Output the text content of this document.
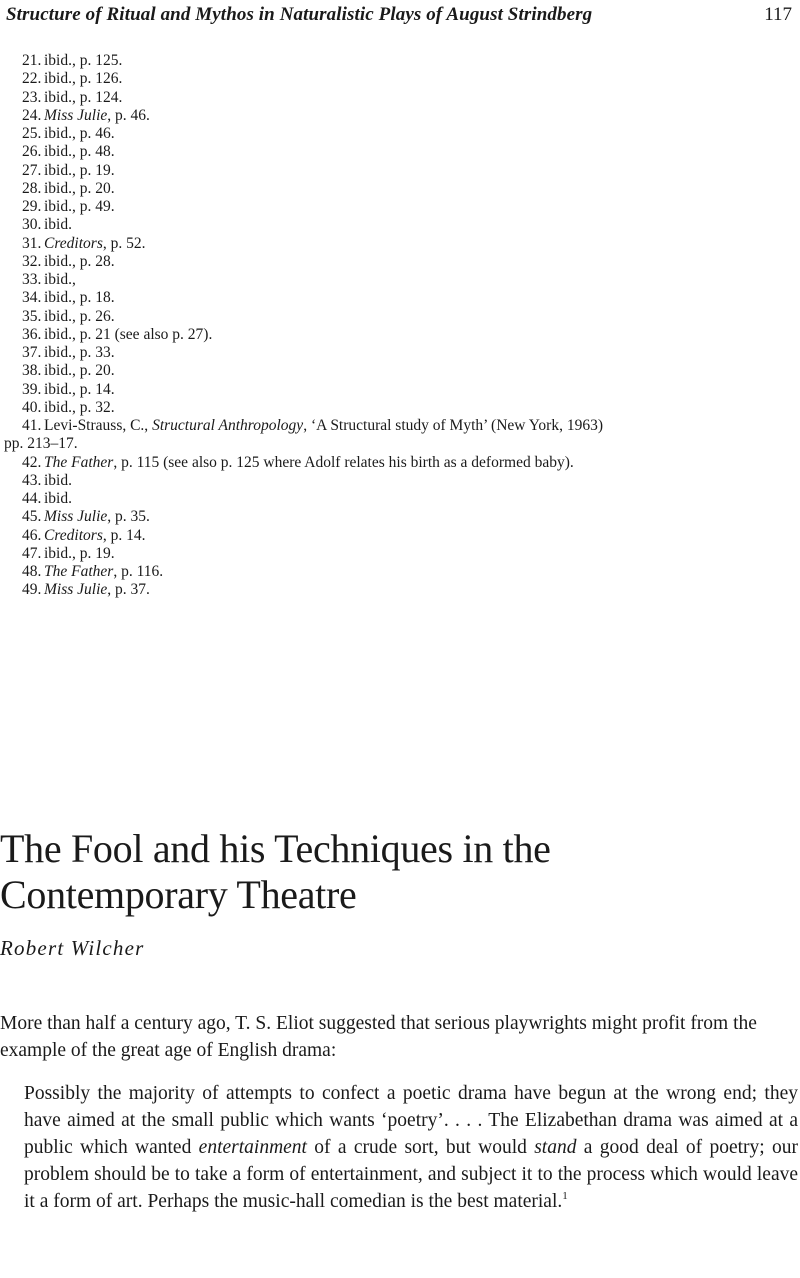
Structure of Ritual and Mythos in Naturalistic Plays of August Strindberg	117
21. ibid., p. 125.
22. ibid., p. 126.
23. ibid., p. 124.
24. Miss Julie, p. 46.
25. ibid., p. 46.
26. ibid., p. 48.
27. ibid., p. 19.
28. ibid., p. 20.
29. ibid., p. 49.
30. ibid.
31. Creditors, p. 52.
32. ibid., p. 28.
33. ibid.,
34. ibid., p. 18.
35. ibid., p. 26.
36. ibid., p. 21 (see also p. 27).
37. ibid., p. 33.
38. ibid., p. 20.
39. ibid., p. 14.
40. ibid., p. 32.
41. Levi-Strauss, C., Structural Anthropology, ‘A Structural study of Myth’ (New York, 1963)
pp. 213–17.
42. The Father, p. 115 (see also p. 125 where Adolf relates his birth as a deformed baby).
43. ibid.
44. ibid.
45. Miss Julie, p. 35.
46. Creditors, p. 14.
47. ibid., p. 19.
48. The Father, p. 116.
49. Miss Julie, p. 37.
The Fool and his Techniques in the
Contemporary Theatre
Robert Wilcher
More than half a century ago, T. S. Eliot suggested that serious playwrights might profit from the example of the great age of English drama:
Possibly the majority of attempts to confect a poetic drama have begun at the wrong end; they have aimed at the small public which wants ‘poetry’. . . . The Elizabethan drama was aimed at a public which wanted entertainment of a crude sort, but would stand a good deal of poetry; our problem should be to take a form of entertainment, and subject it to the process which would leave it a form of art. Perhaps the music-hall comedian is the best material.$^1$
